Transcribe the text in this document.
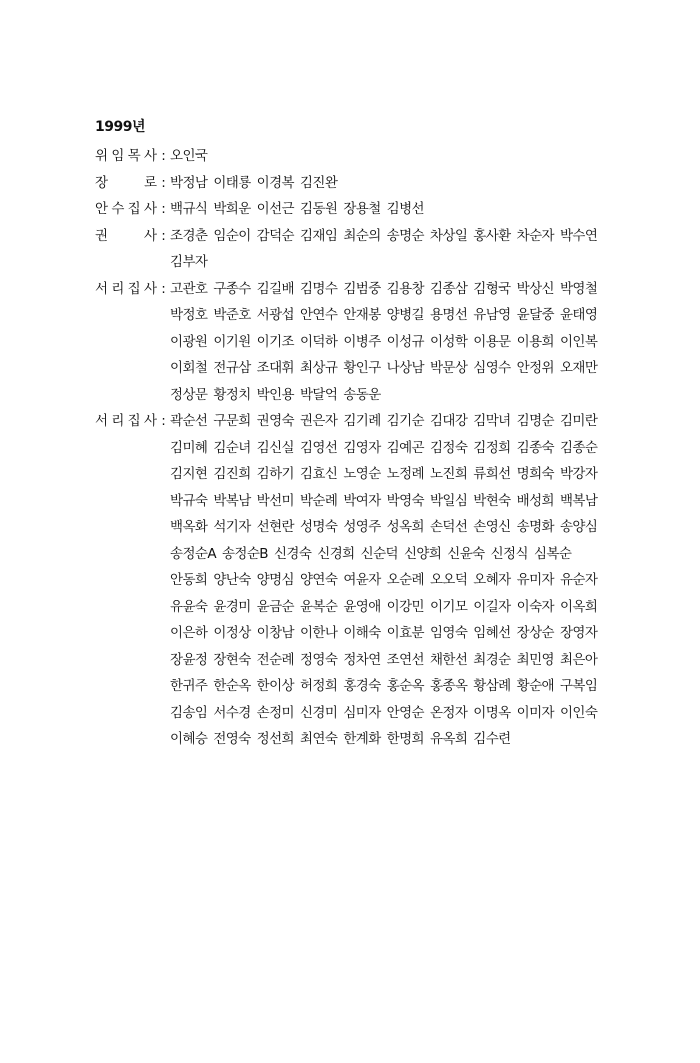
1999년
위 임 목 사 : 오인국
장	로 : 박정남 이태룡 이경복 김진완
안 수 집 사 : 백규식 박희운 이선근 김동원 장용철 김병선
권	사 : 조경춘 임순이 감덕순 김재임 최순의 송명순 차상일 홍사환 차순자 박수연
김부자
서 리 집 사 : 고관호 구종수 김길배 김명수 김범중 김용창 김종삼 김형국 박상신 박영철
박정호 박준호 서광섭 안연수 안재봉 양병길 용명선 유남영 윤달중 윤태영
이광원 이기원 이기조 이덕하 이병주 이성규 이성학 이용문 이용희 이인복
이회철 전규삼 조대휘 최상규 황인구 나상남 박문상 심영수 안정위 오재만
정상문 황정치 박인용 박달억 송동운
서 리 집 사 : 곽순선 구문희 권영숙 권은자 김기례 김기순 김대강 김막녀 김명순 김미란
김미혜 김순녀 김신실 김영선 김영자 김예곤 김정숙 김정희 김종숙 김종순
김지현 김진희 김하기 김효신 노영순 노정례 노진희 류희선 명희숙 박강자
박규숙 박복남 박선미 박순례 박여자 박영숙 박일심 박현숙 배성희 백복남
백옥화 석기자 선현란 성명숙 성영주 성옥희 손덕선 손영신 송명화 송양심
송정순A 송정순B 신경숙 신경희 신순덕 신양희 신윤숙 신정식 심복순
안동희 양난숙 양명심 양연숙 여윤자 오순례 오오덕 오혜자 유미자 유순자
유윤숙 윤경미 윤금순 윤복순 윤영애 이강민 이기모 이길자 이숙자 이옥희
이은하 이정상 이창남 이한나 이해숙 이효분 임영숙 임혜선 장상순 장영자
장윤정 장현숙 전순례 정영숙 정차연 조연선 채한선 최경순 최민영 최은아
한귀주 한순옥 한이상 허정희 홍경숙 홍순옥 홍종옥 황삼례 황순애 구복임
김송임 서수경 손정미 신경미 심미자 안영순 온정자 이명옥 이미자 이인숙
이혜승 전영숙 정선희 최연숙 한계화 한명희 유옥희 김수련
